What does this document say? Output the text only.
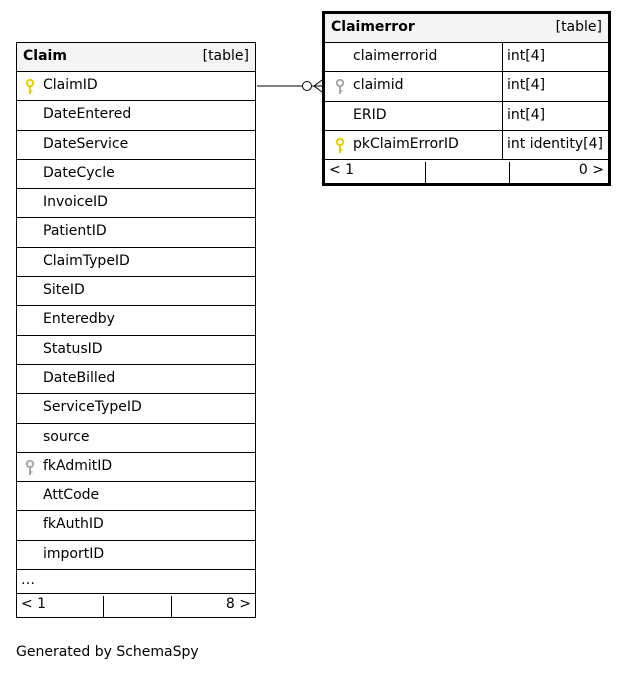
Claim	[table]
ClaimID
DateEntered
DateService
DateCycle
InvoiceID
PatientID
ClaimTypeID
SiteID
Enteredby
StatusID
DateBilled
ServiceTypeID
source
fkAdmitID
AttCode
fkAuthID
importID
…
< 1	8 >
Claimerror	[table]
claimerrorid	int[4]
claimid	int[4]
ERID	int[4]
pkClaimErrorID	int identity[4]
< 1	0 >
Generated by SchemaSpy
